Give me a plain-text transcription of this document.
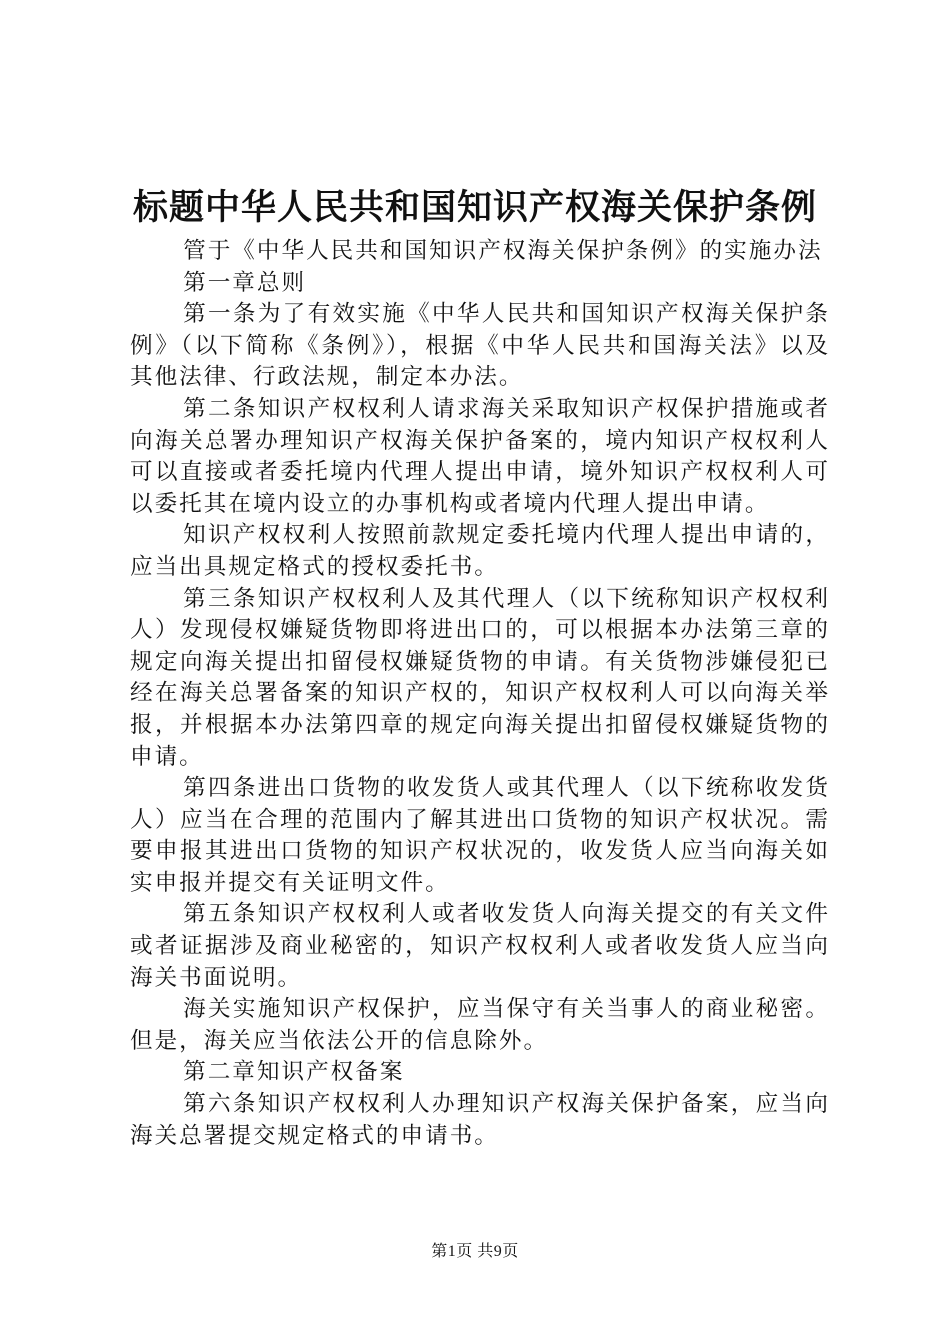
标题中华人民共和国知识产权海关保护条例

管于《中华人民共和国知识产权海关保护条例》的实施办法

第一章总则

第一条为了有效实施《中华人民共和国知识产权海关保护条例》（以下简称《条例》），根据《中华人民共和国海关法》以及其他法律、行政法规，制定本办法。

第二条知识产权权利人请求海关采取知识产权保护措施或者向海关总署办理知识产权海关保护备案的，境内知识产权权利人可以直接或者委托境内代理人提出申请，境外知识产权权利人可以委托其在境内设立的办事机构或者境内代理人提出申请。

知识产权权利人按照前款规定委托境内代理人提出申请的，应当出具规定格式的授权委托书。

第三条知识产权权利人及其代理人（以下统称知识产权权利人）发现侵权嫌疑货物即将进出口的，可以根据本办法第三章的规定向海关提出扣留侵权嫌疑货物的申请。有关货物涉嫌侵犯已经在海关总署备案的知识产权的，知识产权权利人可以向海关举报，并根据本办法第四章的规定向海关提出扣留侵权嫌疑货物的申请。

第四条进出口货物的收发货人或其代理人（以下统称收发货人）应当在合理的范围内了解其进出口货物的知识产权状况。需要申报其进出口货物的知识产权状况的，收发货人应当向海关如实申报并提交有关证明文件。

第五条知识产权权利人或者收发货人向海关提交的有关文件或者证据涉及商业秘密的，知识产权权利人或者收发货人应当向海关书面说明。

海关实施知识产权保护，应当保守有关当事人的商业秘密。但是，海关应当依法公开的信息除外。

第二章知识产权备案

第六条知识产权权利人办理知识产权海关保护备案，应当向海关总署提交规定格式的申请书。

第1页 共9页
